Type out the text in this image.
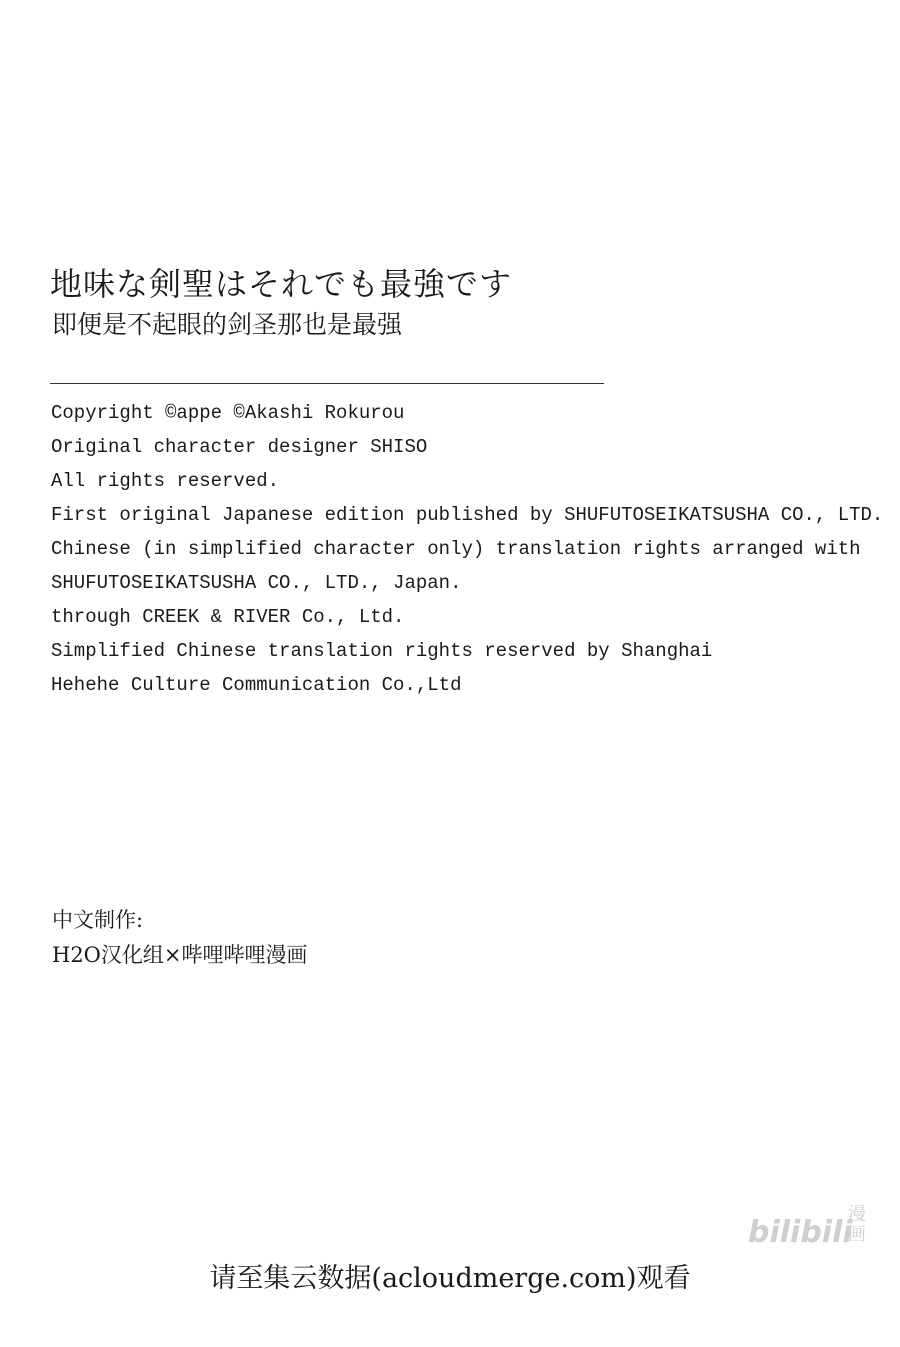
地味な剣聖はそれでも最強です
即便是不起眼的剑圣那也是最强
Copyright ©appe ©Akashi Rokurou
Original character designer SHISO
All rights reserved.
First original Japanese edition published by SHUFUTOSEIKATSUSHA CO., LTD.
Chinese (in simplified character only) translation rights arranged with
SHUFUTOSEIKATSUSHA CO., LTD., Japan.
through CREEK & RIVER Co., Ltd.
Simplified Chinese translation rights reserved by Shanghai
Hehehe Culture Communication Co.,Ltd
中文制作:
H2O汉化组×哔哩哔哩漫画
bilibili
漫画
请至集云数据(acloudmerge.com)观看
